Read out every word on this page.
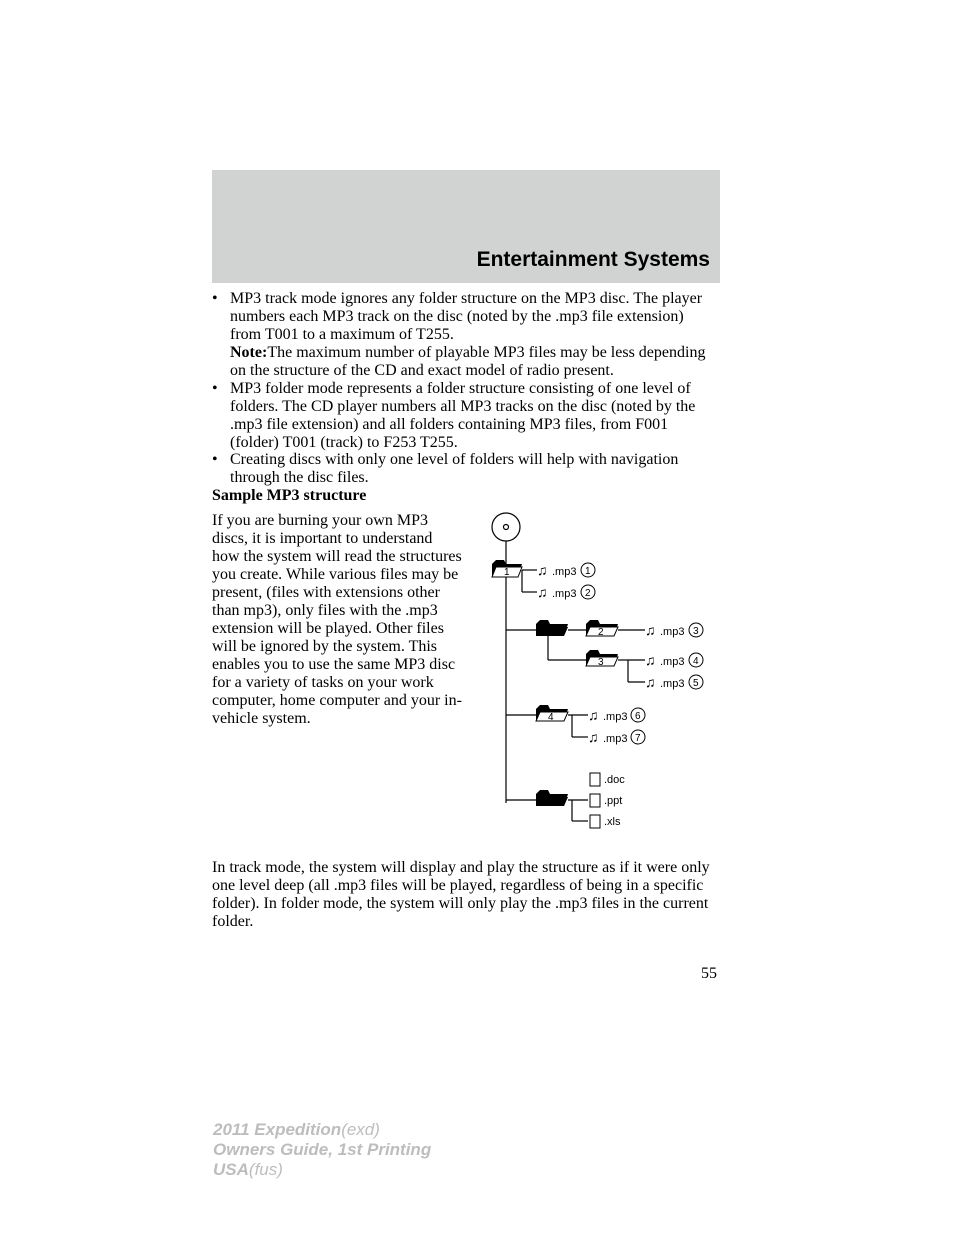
Entertainment Systems
• MP3 track mode ignores any folder structure on the MP3 disc. The player numbers each MP3 track on the disc (noted by the .mp3 file extension) from T001 to a maximum of T255.
Note:The maximum number of playable MP3 files may be less depending on the structure of the CD and exact model of radio present.
• MP3 folder mode represents a folder structure consisting of one level of folders. The CD player numbers all MP3 tracks on the disc (noted by the .mp3 file extension) and all folders containing MP3 files, from F001 (folder) T001 (track) to F253 T255.
• Creating discs with only one level of folders will help with navigation through the disc files.
Sample MP3 structure
If you are burning your own MP3 discs, it is important to understand how the system will read the structures you create. While various files may be present, (files with extensions other than mp3), only files with the .mp3 extension will be played. Other files will be ignored by the system. This enables you to use the same MP3 disc for a variety of tasks on your work computer, home computer and your in-vehicle system.
1
2
3
4
♫ .mp3 1
♫ .mp3 2
♫ .mp3 3
♫ .mp3 4
♫ .mp3 5
♫ .mp3 6
♫ .mp3 7
.doc
.ppt
.xls
In track mode, the system will display and play the structure as if it were only one level deep (all .mp3 files will be played, regardless of being in a specific folder). In folder mode, the system will only play the .mp3 files in the current folder.
55
2011 Expedition(exd)
Owners Guide, 1st Printing
USA(fus)
